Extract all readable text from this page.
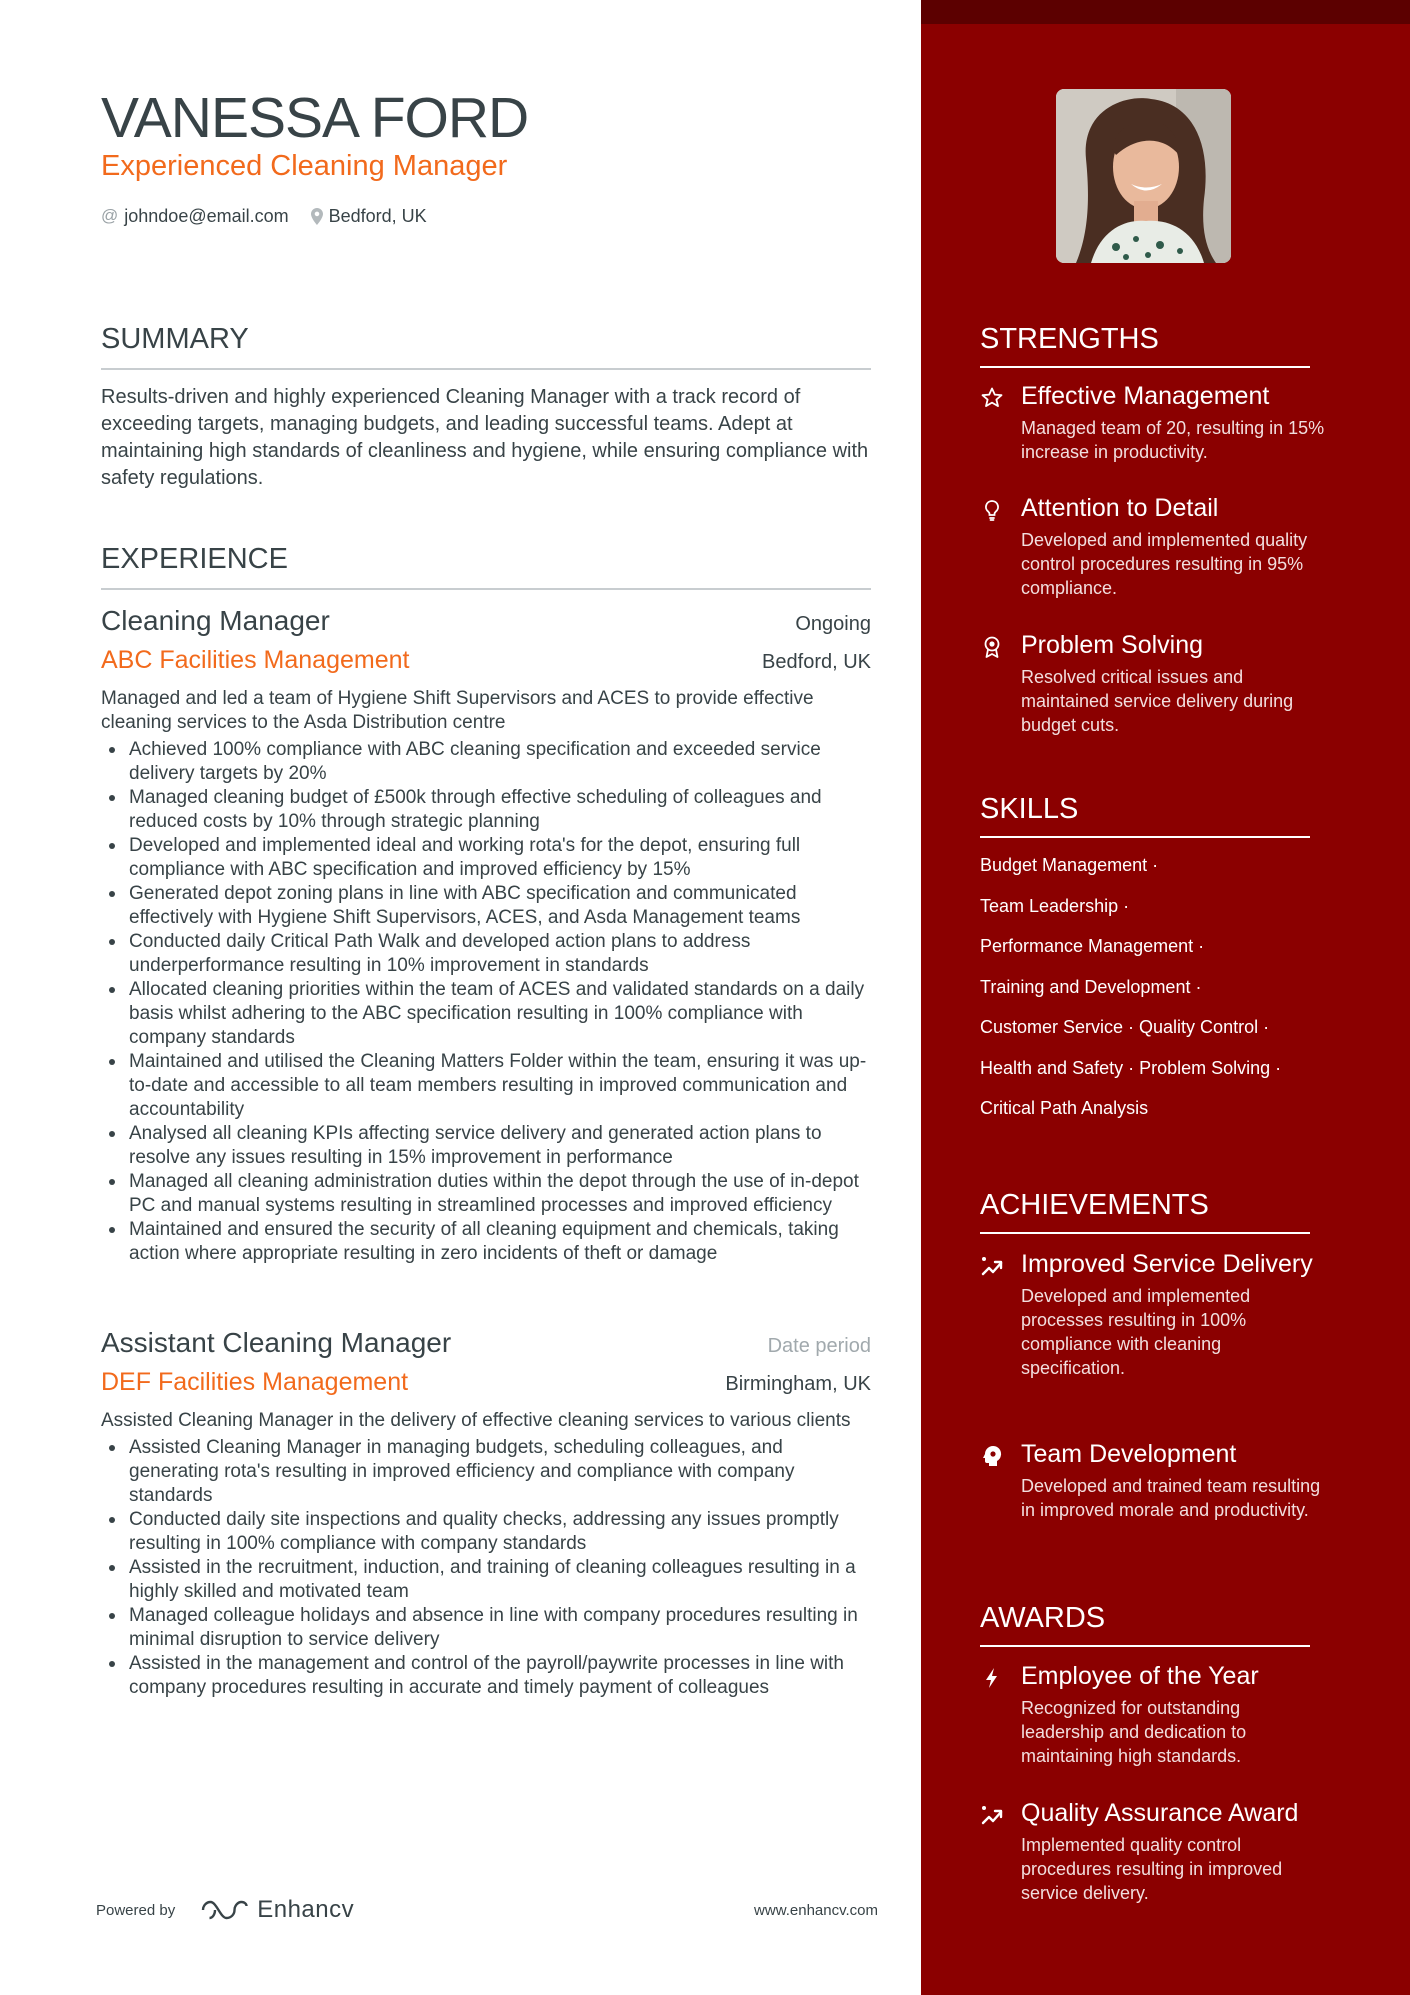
VANESSA FORD
Experienced Cleaning Manager
@ johndoe@email.com Bedford, UK
SUMMARY
Results-driven and highly experienced Cleaning Manager with a track record of exceeding targets, managing budgets, and leading successful teams. Adept at maintaining high standards of cleanliness and hygiene, while ensuring compliance with safety regulations.
EXPERIENCE
Cleaning Manager	Ongoing
ABC Facilities Management	Bedford, UK
Managed and led a team of Hygiene Shift Supervisors and ACES to provide effective cleaning services to the Asda Distribution centre
Achieved 100% compliance with ABC cleaning specification and exceeded service delivery targets by 20%
Managed cleaning budget of £500k through effective scheduling of colleagues and reduced costs by 10% through strategic planning
Developed and implemented ideal and working rota's for the depot, ensuring full compliance with ABC specification and improved efficiency by 15%
Generated depot zoning plans in line with ABC specification and communicated effectively with Hygiene Shift Supervisors, ACES, and Asda Management teams
Conducted daily Critical Path Walk and developed action plans to address underperformance resulting in 10% improvement in standards
Allocated cleaning priorities within the team of ACES and validated standards on a daily basis whilst adhering to the ABC specification resulting in 100% compliance with company standards
Maintained and utilised the Cleaning Matters Folder within the team, ensuring it was up-to-date and accessible to all team members resulting in improved communication and accountability
Analysed all cleaning KPIs affecting service delivery and generated action plans to resolve any issues resulting in 15% improvement in performance
Managed all cleaning administration duties within the depot through the use of in-depot PC and manual systems resulting in streamlined processes and improved efficiency
Maintained and ensured the security of all cleaning equipment and chemicals, taking action where appropriate resulting in zero incidents of theft or damage
Assistant Cleaning Manager	Date period
DEF Facilities Management	Birmingham, UK
Assisted Cleaning Manager in the delivery of effective cleaning services to various clients
Assisted Cleaning Manager in managing budgets, scheduling colleagues, and generating rota's resulting in improved efficiency and compliance with company standards
Conducted daily site inspections and quality checks, addressing any issues promptly resulting in 100% compliance with company standards
Assisted in the recruitment, induction, and training of cleaning colleagues resulting in a highly skilled and motivated team
Managed colleague holidays and absence in line with company procedures resulting in minimal disruption to service delivery
Assisted in the management and control of the payroll/paywrite processes in line with company procedures resulting in accurate and timely payment of colleagues
Powered by	Enhancv	www.enhancv.com
STRENGTHS
Effective Management
Managed team of 20, resulting in 15% increase in productivity.
Attention to Detail
Developed and implemented quality control procedures resulting in 95% compliance.
Problem Solving
Resolved critical issues and maintained service delivery during budget cuts.
SKILLS
Budget Management ·
Team Leadership ·
Performance Management ·
Training and Development ·
Customer Service · Quality Control ·
Health and Safety · Problem Solving ·
Critical Path Analysis
ACHIEVEMENTS
Improved Service Delivery
Developed and implemented processes resulting in 100% compliance with cleaning specification.
Team Development
Developed and trained team resulting in improved morale and productivity.
AWARDS
Employee of the Year
Recognized for outstanding leadership and dedication to maintaining high standards.
Quality Assurance Award
Implemented quality control procedures resulting in improved service delivery.
